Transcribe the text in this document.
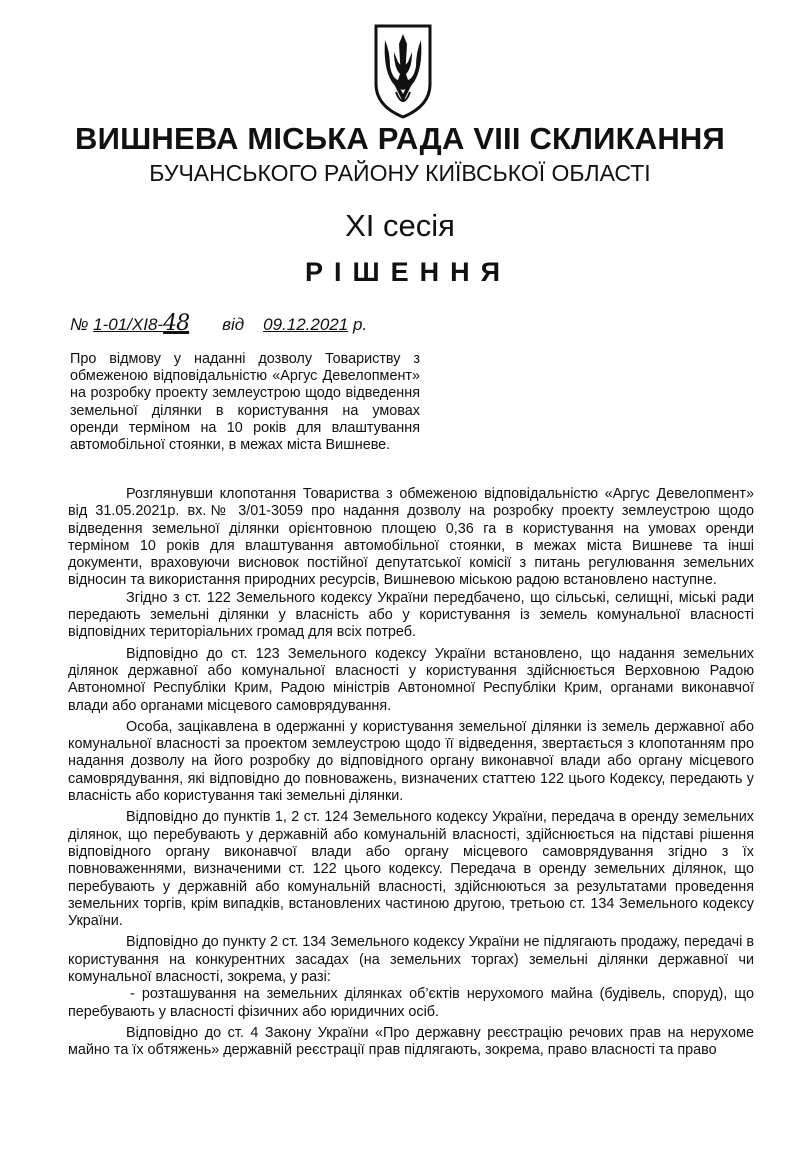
ВИШНЕВА МІСЬКА РАДА VIII СКЛИКАННЯ
БУЧАНСЬКОГО РАЙОНУ КИЇВСЬКОЇ ОБЛАСТІ
XI сесія
РІШЕННЯ
№ 1-01/XI8-48 від 09.12.2021 р.
Про відмову у наданні дозволу Товариству з обмеженою відповідальністю «Аргус Девелопмент» на розробку проекту землеустрою щодо відведення земельної ділянки в користування на умовах оренди терміном на 10 років для влаштування автомобільної стоянки, в межах міста Вишневе.

Розглянувши клопотання Товариства з обмеженою відповідальністю «Аргус Девелопмент» від 31.05.2021р. вх.№ 3/01-3059 про надання дозволу на розробку проекту землеустрою щодо відведення земельної ділянки орієнтовною площею 0,36 га в користування на умовах оренди терміном 10 років для влаштування автомобільної стоянки, в межах міста Вишневе та інші документи, враховуючи висновок постійної депутатської комісії з питань регулювання земельних відносин та використання природних ресурсів, Вишневою міською радою встановлено наступне.

Згідно з ст. 122 Земельного кодексу України передбачено, що сільські, селищні, міські ради передають земельні ділянки у власність або у користування із земель комунальної власності відповідних територіальних громад для всіх потреб.

Відповідно до ст. 123 Земельного кодексу України встановлено, що надання земельних ділянок державної або комунальної власності у користування здійснюється Верховною Радою Автономної Республіки Крим, Радою міністрів Автономної Республіки Крим, органами виконавчої влади або органами місцевого самоврядування.

Особа, зацікавлена в одержанні у користування земельної ділянки із земель державної або комунальної власності за проектом землеустрою щодо її відведення, звертається з клопотанням про надання дозволу на його розробку до відповідного органу виконавчої влади або органу місцевого самоврядування, які відповідно до повноважень, визначених статтею 122 цього Кодексу, передають у власність або користування такі земельні ділянки.

Відповідно до пунктів 1, 2 ст. 124 Земельного кодексу України, передача в оренду земельних ділянок, що перебувають у державній або комунальній власності, здійснюється на підставі рішення відповідного органу виконавчої влади або органу місцевого самоврядування згідно з їх повноваженнями, визначеними ст. 122 цього кодексу. Передача в оренду земельних ділянок, що перебувають у державній або комунальній власності, здійснюються за результатами проведення земельних торгів, крім випадків, встановлених частиною другою, третьою ст. 134 Земельного кодексу України.

Відповідно до пункту 2 ст. 134 Земельного кодексу України не підлягають продажу, передачі в користування на конкурентних засадах (на земельних торгах) земельні ділянки державної чи комунальної власності, зокрема, у разі:

- розташування на земельних ділянках об’єктів нерухомого майна (будівель, споруд), що перебувають у власності фізичних або юридичних осіб.

Відповідно до ст. 4 Закону України «Про державну реєстрацію речових прав на нерухоме майно та їх обтяжень» державній реєстрації прав підлягають, зокрема, право власності та право
